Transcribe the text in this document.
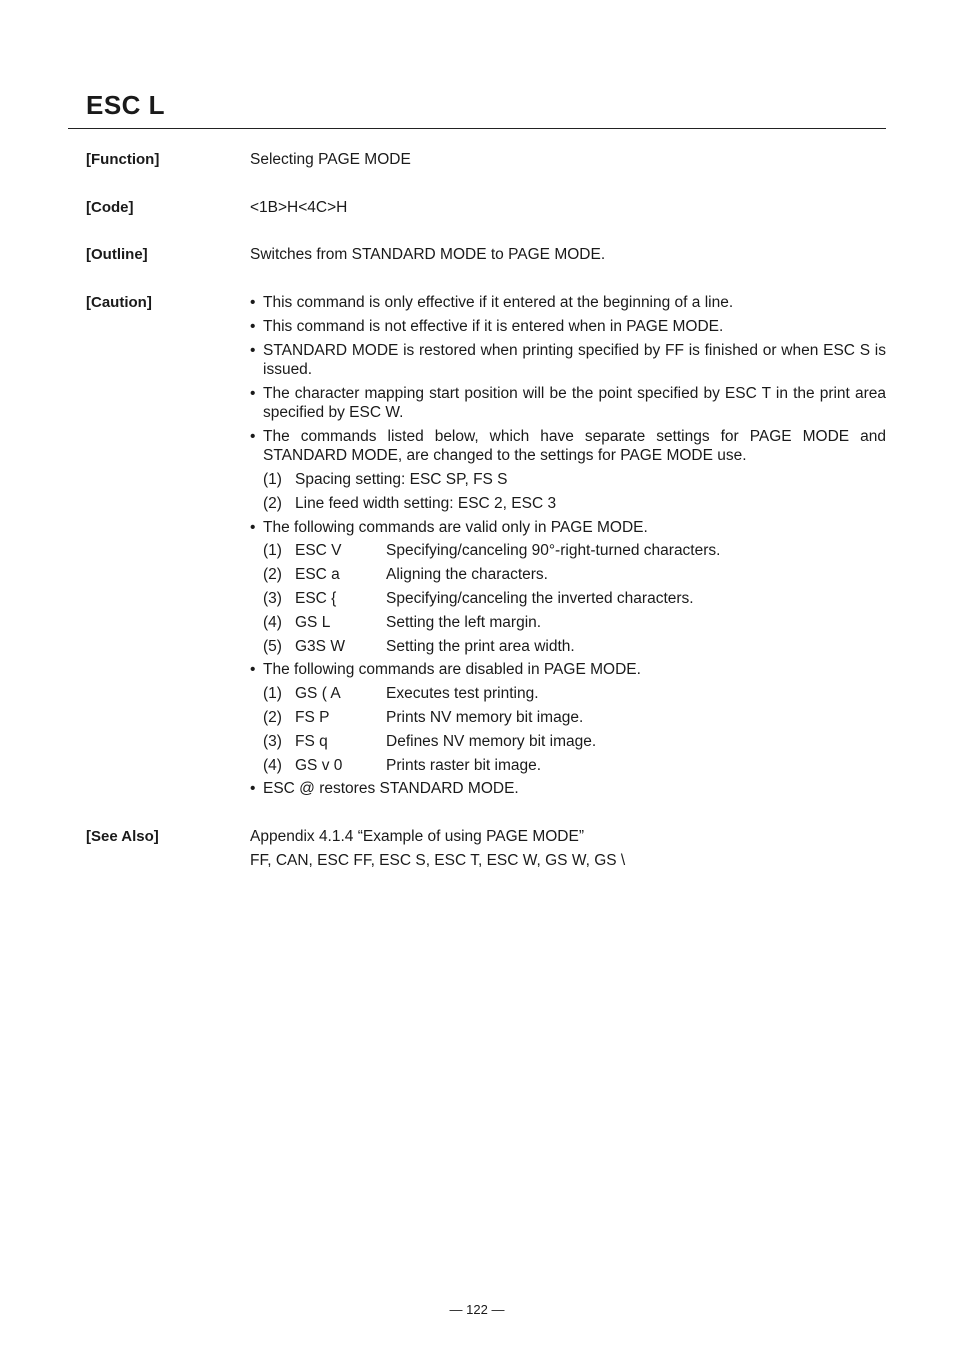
ESC L
[Function]	Selecting PAGE MODE
[Code]	<1B>H<4C>H
[Outline]	Switches from STANDARD MODE to PAGE MODE.
[Caution]	• This command is only effective if it entered at the beginning of a line.
• This command is not effective if it is entered when in PAGE MODE.
• STANDARD MODE is restored when printing specified by FF is finished or when ESC S is issued.
• The character mapping start position will be the point specified by ESC T in the print area specified by ESC W.
• The commands listed below, which have separate settings for PAGE MODE and STANDARD MODE, are changed to the settings for PAGE MODE use.
(1) Spacing setting: ESC SP, FS S
(2) Line feed width setting: ESC 2, ESC 3
• The following commands are valid only in PAGE MODE.
(1) ESC V	Specifying/canceling 90°-right-turned characters.
(2) ESC a	Aligning the characters.
(3) ESC {	Specifying/canceling the inverted characters.
(4) GS L	Setting the left margin.
(5) G3S W	Setting the print area width.
• The following commands are disabled in PAGE MODE.
(1) GS ( A	Executes test printing.
(2) FS P	Prints NV memory bit image.
(3) FS q	Defines NV memory bit image.
(4) GS v 0	Prints raster bit image.
• ESC @ restores STANDARD MODE.
[See Also]	Appendix 4.1.4 “Example of using PAGE MODE”
FF, CAN, ESC FF, ESC S, ESC T, ESC W, GS W, GS \
— 122 —
